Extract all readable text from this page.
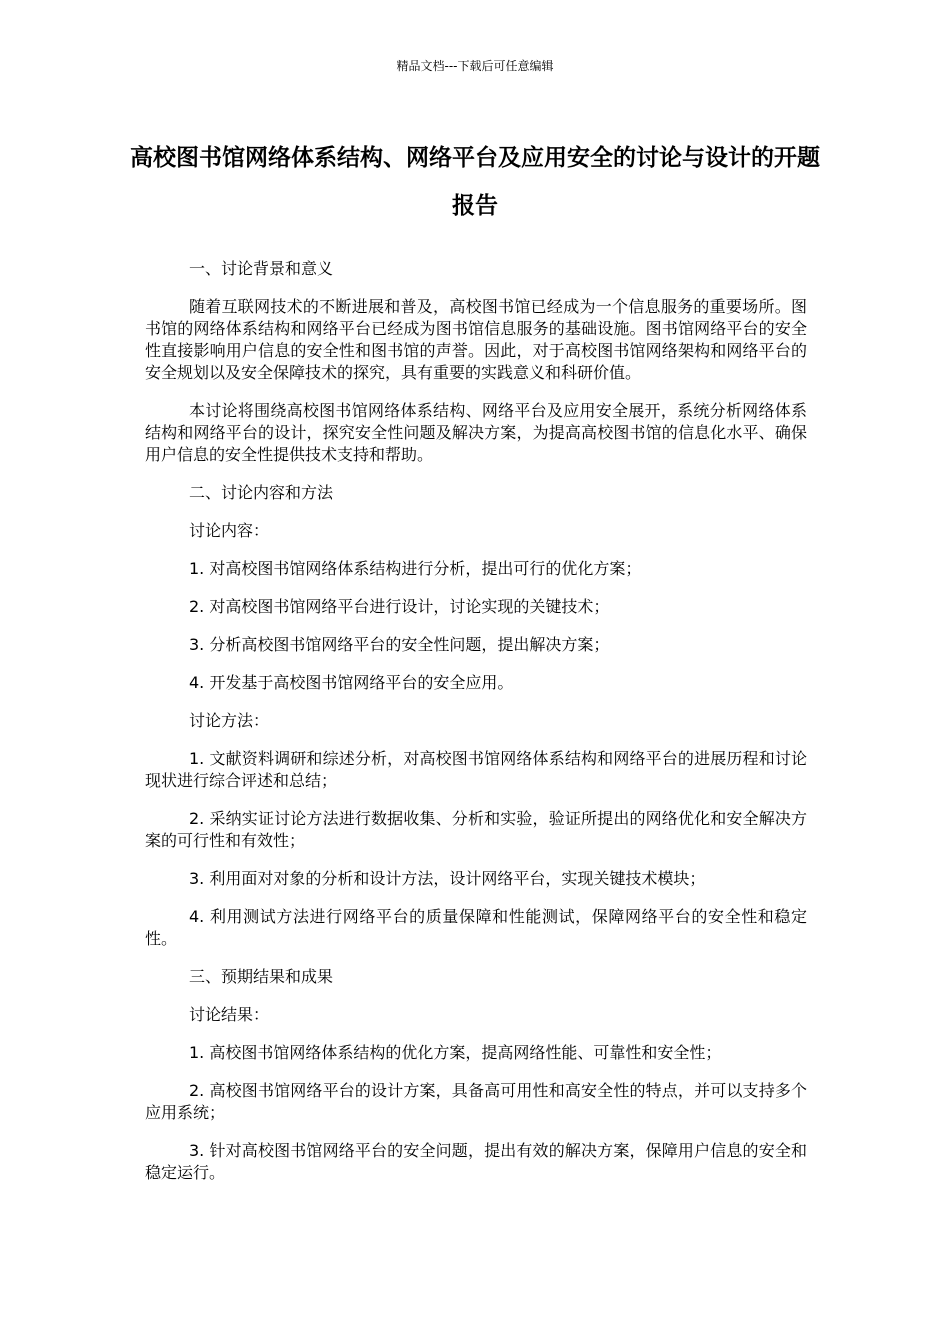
精品文档---下载后可任意编辑
高校图书馆网络体系结构、网络平台及应用安全的讨论与设计的开题报告

一、讨论背景和意义

随着互联网技术的不断进展和普及，高校图书馆已经成为一个信息服务的重要场所。图书馆的网络体系结构和网络平台已经成为图书馆信息服务的基础设施。图书馆网络平台的安全性直接影响用户信息的安全性和图书馆的声誉。因此，对于高校图书馆网络架构和网络平台的安全规划以及安全保障技术的探究，具有重要的实践意义和科研价值。

本讨论将围绕高校图书馆网络体系结构、网络平台及应用安全展开，系统分析网络体系结构和网络平台的设计，探究安全性问题及解决方案，为提高高校图书馆的信息化水平、确保用户信息的安全性提供技术支持和帮助。

二、讨论内容和方法

讨论内容：

1. 对高校图书馆网络体系结构进行分析，提出可行的优化方案；

2. 对高校图书馆网络平台进行设计，讨论实现的关键技术；

3. 分析高校图书馆网络平台的安全性问题，提出解决方案；

4. 开发基于高校图书馆网络平台的安全应用。

讨论方法：

1. 文献资料调研和综述分析，对高校图书馆网络体系结构和网络平台的进展历程和讨论现状进行综合评述和总结；

2. 采纳实证讨论方法进行数据收集、分析和实验，验证所提出的网络优化和安全解决方案的可行性和有效性；

3. 利用面对对象的分析和设计方法，设计网络平台，实现关键技术模块；

4. 利用测试方法进行网络平台的质量保障和性能测试，保障网络平台的安全性和稳定性。

三、预期结果和成果

讨论结果：

1. 高校图书馆网络体系结构的优化方案，提高网络性能、可靠性和安全性；

2. 高校图书馆网络平台的设计方案，具备高可用性和高安全性的特点，并可以支持多个应用系统；

3. 针对高校图书馆网络平台的安全问题，提出有效的解决方案，保障用户信息的安全和稳定运行。
